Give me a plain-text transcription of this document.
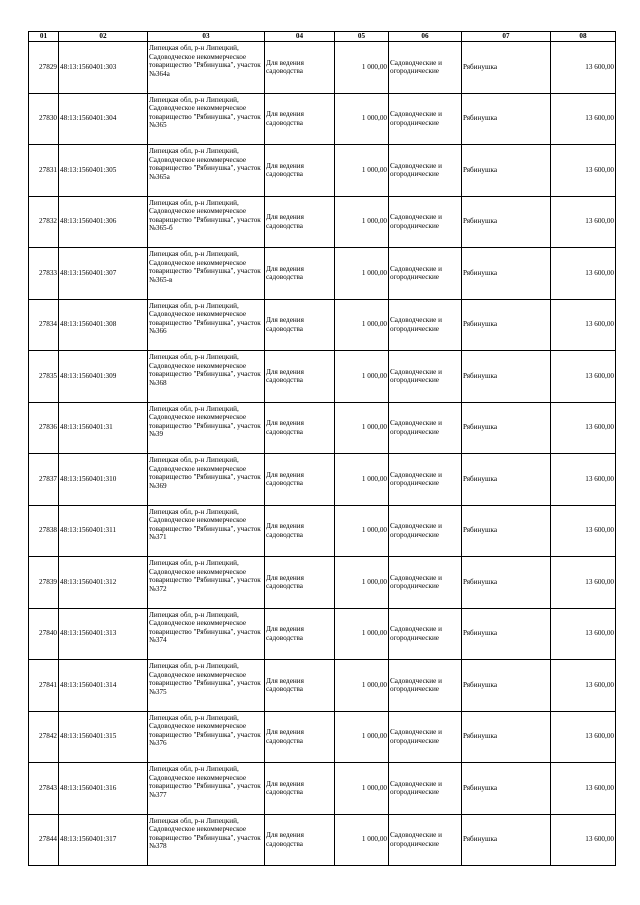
01	02	03	04	05	06	07	08
27829	48:13:1560401:303	Липецкая обл, р-н Липецкий, Садоводческое некоммерческое товарищество "Рябинушка", участок №364а	Для ведения садоводства	1 000,00	Садоводческие и огороднические	Рябинушка	13 600,00
27830	48:13:1560401:304	Липецкая обл, р-н Липецкий, Садоводческое некоммерческое товарищество "Рябинушка", участок №365	Для ведения садоводства	1 000,00	Садоводческие и огороднические	Рябинушка	13 600,00
27831	48:13:1560401:305	Липецкая обл, р-н Липецкий, Садоводческое некоммерческое товарищество "Рябинушка", участок №365а	Для ведения садоводства	1 000,00	Садоводческие и огороднические	Рябинушка	13 600,00
27832	48:13:1560401:306	Липецкая обл, р-н Липецкий, Садоводческое некоммерческое товарищество "Рябинушка", участок №365-б	Для ведения садоводства	1 000,00	Садоводческие и огороднические	Рябинушка	13 600,00
27833	48:13:1560401:307	Липецкая обл, р-н Липецкий, Садоводческое некоммерческое товарищество "Рябинушка", участок №365-в	Для ведения садоводства	1 000,00	Садоводческие и огороднические	Рябинушка	13 600,00
27834	48:13:1560401:308	Липецкая обл, р-н Липецкий, Садоводческое некоммерческое товарищество "Рябинушка", участок №366	Для ведения садоводства	1 000,00	Садоводческие и огороднические	Рябинушка	13 600,00
27835	48:13:1560401:309	Липецкая обл, р-н Липецкий, Садоводческое некоммерческое товарищество "Рябинушка", участок №368	Для ведения садоводства	1 000,00	Садоводческие и огороднические	Рябинушка	13 600,00
27836	48:13:1560401:31	Липецкая обл, р-н Липецкий, Садоводческое некоммерческое товарищество "Рябинушка", участок №39	Для ведения садоводства	1 000,00	Садоводческие и огороднические	Рябинушка	13 600,00
27837	48:13:1560401:310	Липецкая обл, р-н Липецкий, Садоводческое некоммерческое товарищество "Рябинушка", участок №369	Для ведения садоводства	1 000,00	Садоводческие и огороднические	Рябинушка	13 600,00
27838	48:13:1560401:311	Липецкая обл, р-н Липецкий, Садоводческое некоммерческое товарищество "Рябинушка", участок №371	Для ведения садоводства	1 000,00	Садоводческие и огороднические	Рябинушка	13 600,00
27839	48:13:1560401:312	Липецкая обл, р-н Липецкий, Садоводческое некоммерческое товарищество "Рябинушка", участок №372	Для ведения садоводства	1 000,00	Садоводческие и огороднические	Рябинушка	13 600,00
27840	48:13:1560401:313	Липецкая обл, р-н Липецкий, Садоводческое некоммерческое товарищество "Рябинушка", участок №374	Для ведения садоводства	1 000,00	Садоводческие и огороднические	Рябинушка	13 600,00
27841	48:13:1560401:314	Липецкая обл, р-н Липецкий, Садоводческое некоммерческое товарищество "Рябинушка", участок №375	Для ведения садоводства	1 000,00	Садоводческие и огороднические	Рябинушка	13 600,00
27842	48:13:1560401:315	Липецкая обл, р-н Липецкий, Садоводческое некоммерческое товарищество "Рябинушка", участок №376	Для ведения садоводства	1 000,00	Садоводческие и огороднические	Рябинушка	13 600,00
27843	48:13:1560401:316	Липецкая обл, р-н Липецкий, Садоводческое некоммерческое товарищество "Рябинушка", участок №377	Для ведения садоводства	1 000,00	Садоводческие и огороднические	Рябинушка	13 600,00
27844	48:13:1560401:317	Липецкая обл, р-н Липецкий, Садоводческое некоммерческое товарищество "Рябинушка", участок №378	Для ведения садоводства	1 000,00	Садоводческие и огороднические	Рябинушка	13 600,00
